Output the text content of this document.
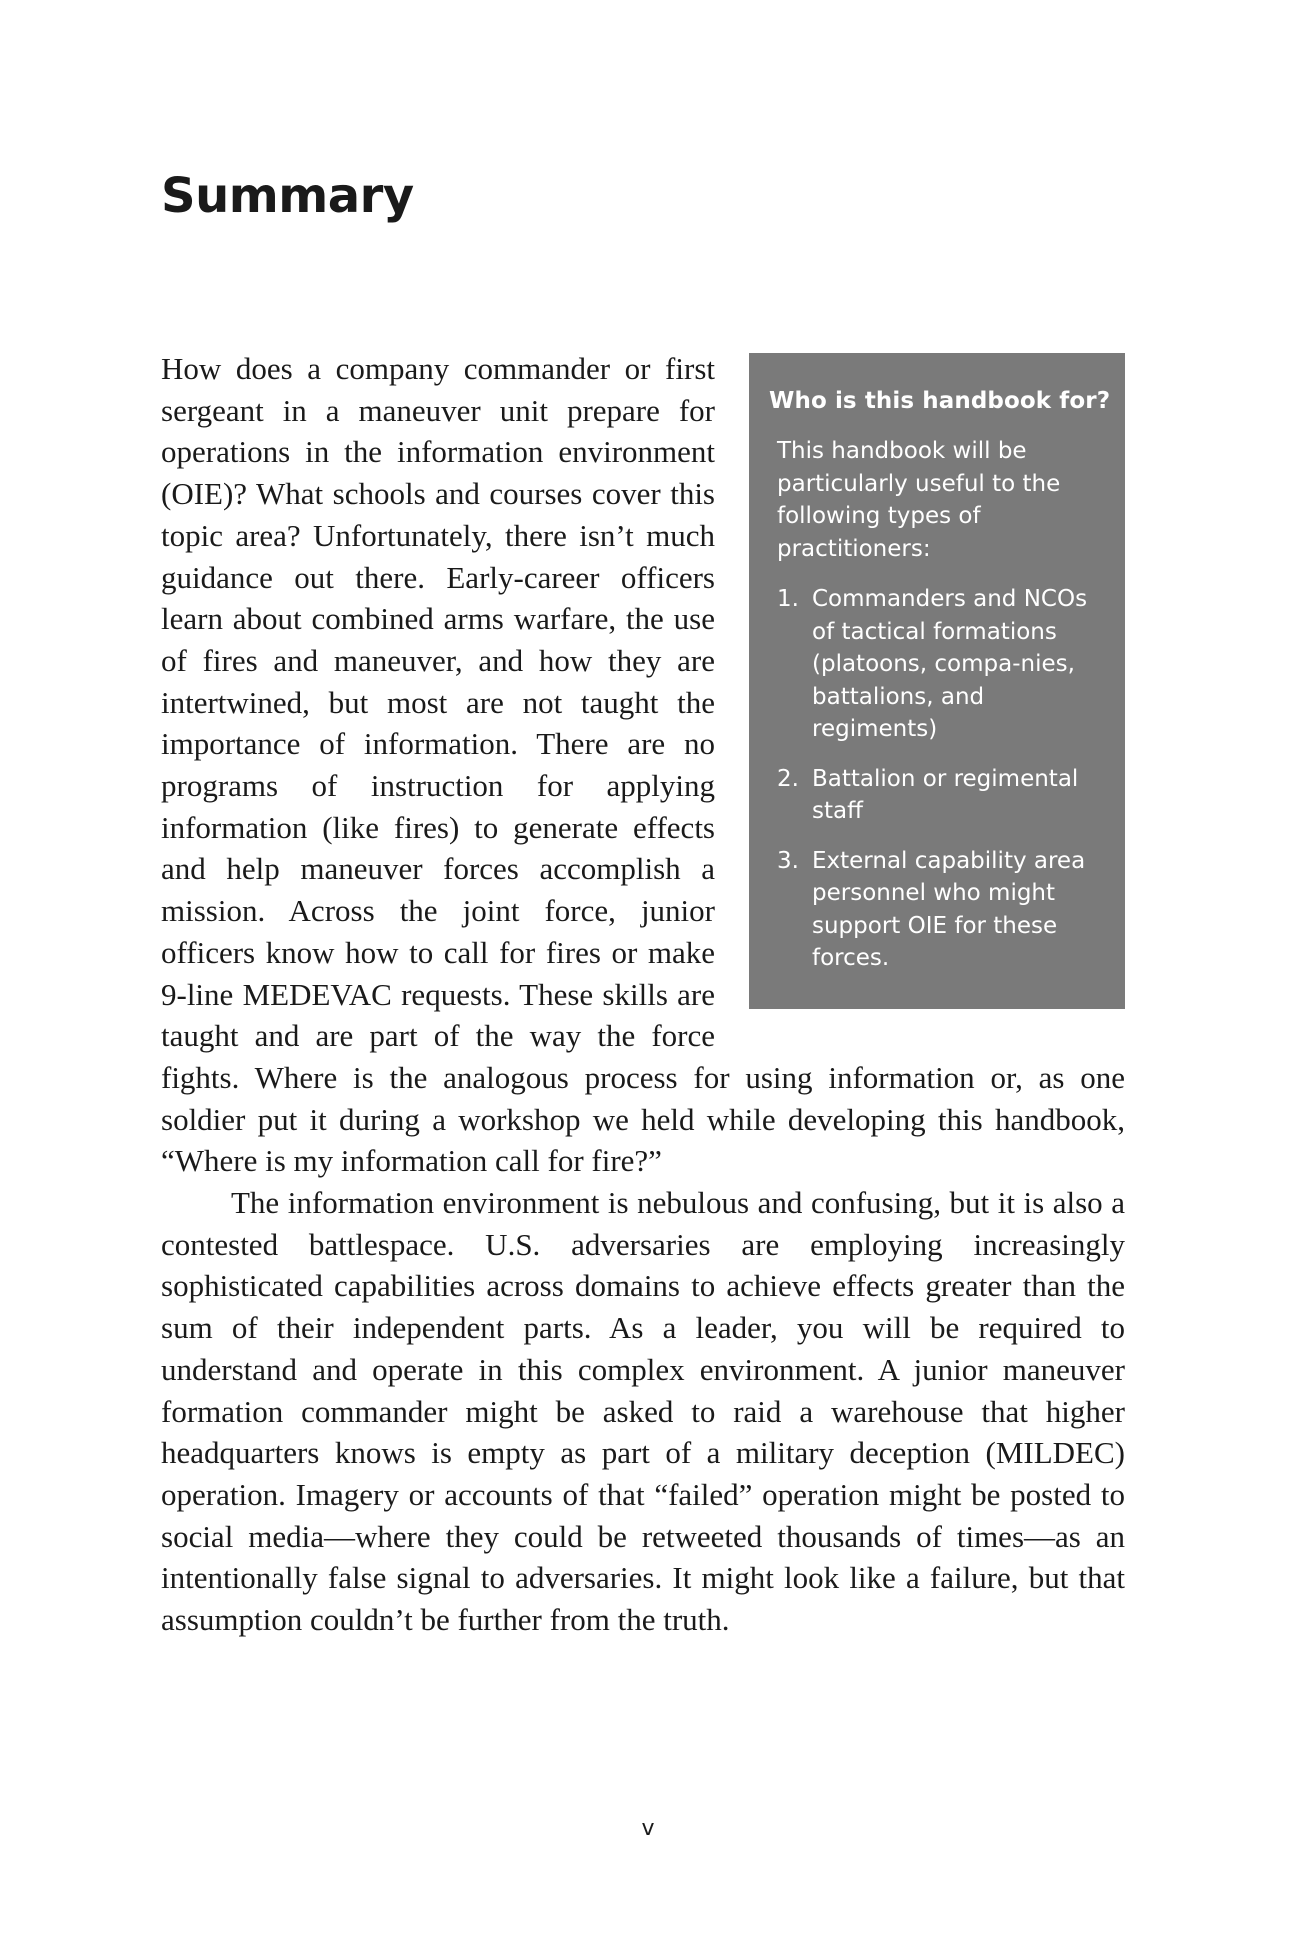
Summary
Who is this handbook for?
This handbook will be particularly useful to the following types of practitioners:
1. Commanders and NCOs of tactical formations (platoons, compa-nies, battalions, and regiments)
2. Battalion or regimental staff
3. External capability area personnel who might support OIE for these forces.

How does a company commander or first sergeant in a maneuver unit prepare for operations in the information environment (OIE)? What schools and courses cover this topic area? Unfortunately, there isn’t much guidance out there. Early-career officers learn about combined arms warfare, the use of fires and maneuver, and how they are intertwined, but most are not taught the importance of information. There are no programs of instruction for applying information (like fires) to generate effects and help maneuver forces accomplish a mission. Across the joint force, junior officers know how to call for fires or make 9-line MEDEVAC requests. These skills are taught and are part of the way the force fights. Where is the analogous process for using information or, as one soldier put it during a workshop we held while developing this handbook, “Where is my information call for fire?”

The information environment is nebulous and confusing, but it is also a contested battlespace. U.S. adversaries are employing increasingly sophisticated capabilities across domains to achieve effects greater than the sum of their independent parts. As a leader, you will be required to understand and operate in this complex environment. A junior maneuver formation commander might be asked to raid a warehouse that higher headquarters knows is empty as part of a military deception (MILDEC) operation. Imagery or accounts of that “failed” operation might be posted to social media—where they could be retweeted thousands of times—as an intentionally false signal to adversaries. It might look like a failure, but that assumption couldn’t be further from the truth.

v
